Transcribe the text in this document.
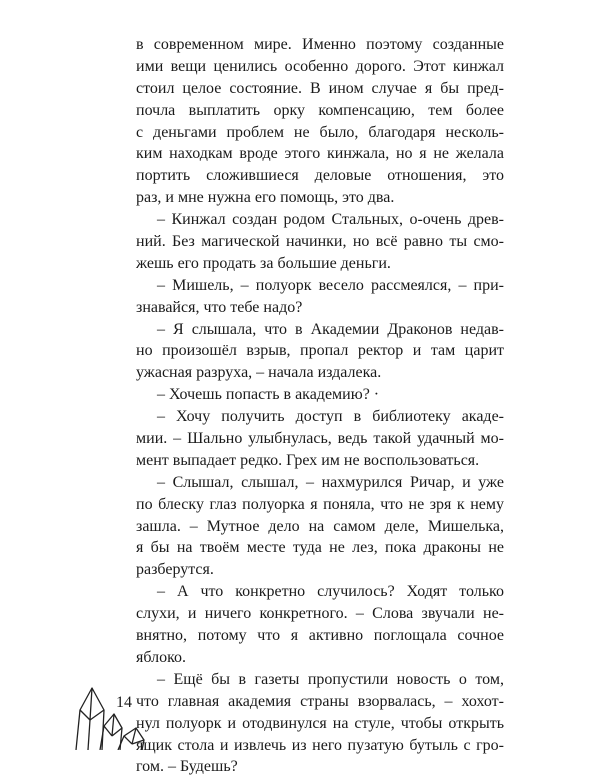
в современном мире. Именно поэтому созданные
ими вещи ценились особенно дорого. Этот кинжал
стоил целое состояние. В ином случае я бы пред-
почла выплатить орку компенсацию, тем более
с деньгами проблем не было, благодаря несколь-
ким находкам вроде этого кинжала, но я не желала
портить сложившиеся деловые отношения, это
раз, и мне нужна его помощь, это два.
– Кинжал создан родом Стальных, о-очень древ-
ний. Без магической начинки, но всё равно ты смо-
жешь его продать за большие деньги.
– Мишель, – полуорк весело рассмеялся, – при-
знавайся, что тебе надо?
– Я слышала, что в Академии Драконов недав-
но произошёл взрыв, пропал ректор и там царит
ужасная разруха, – начала издалека.
– Хочешь попасть в академию? ·
– Хочу получить доступ в библиотеку акаде-
мии. – Шально улыбнулась, ведь такой удачный мо-
мент выпадает редко. Грех им не воспользоваться.
– Слышал, слышал, – нахмурился Ричар, и уже
по блеску глаз полуорка я поняла, что не зря к нему
зашла. – Мутное дело на самом деле, Мишелька,
я бы на твоём месте туда не лез, пока драконы не
разберутся.
– А что конкретно случилось? Ходят только
слухи, и ничего конкретного. – Слова звучали не-
внятно, потому что я активно поглощала сочное
яблоко.
– Ещё бы в газеты пропустили новость о том,
что главная академия страны взорвалась, – хохот-
нул полуорк и отодвинулся на стуле, чтобы открыть
ящик стола и извлечь из него пузатую бутыль с гро-
гом. – Будешь?
14
